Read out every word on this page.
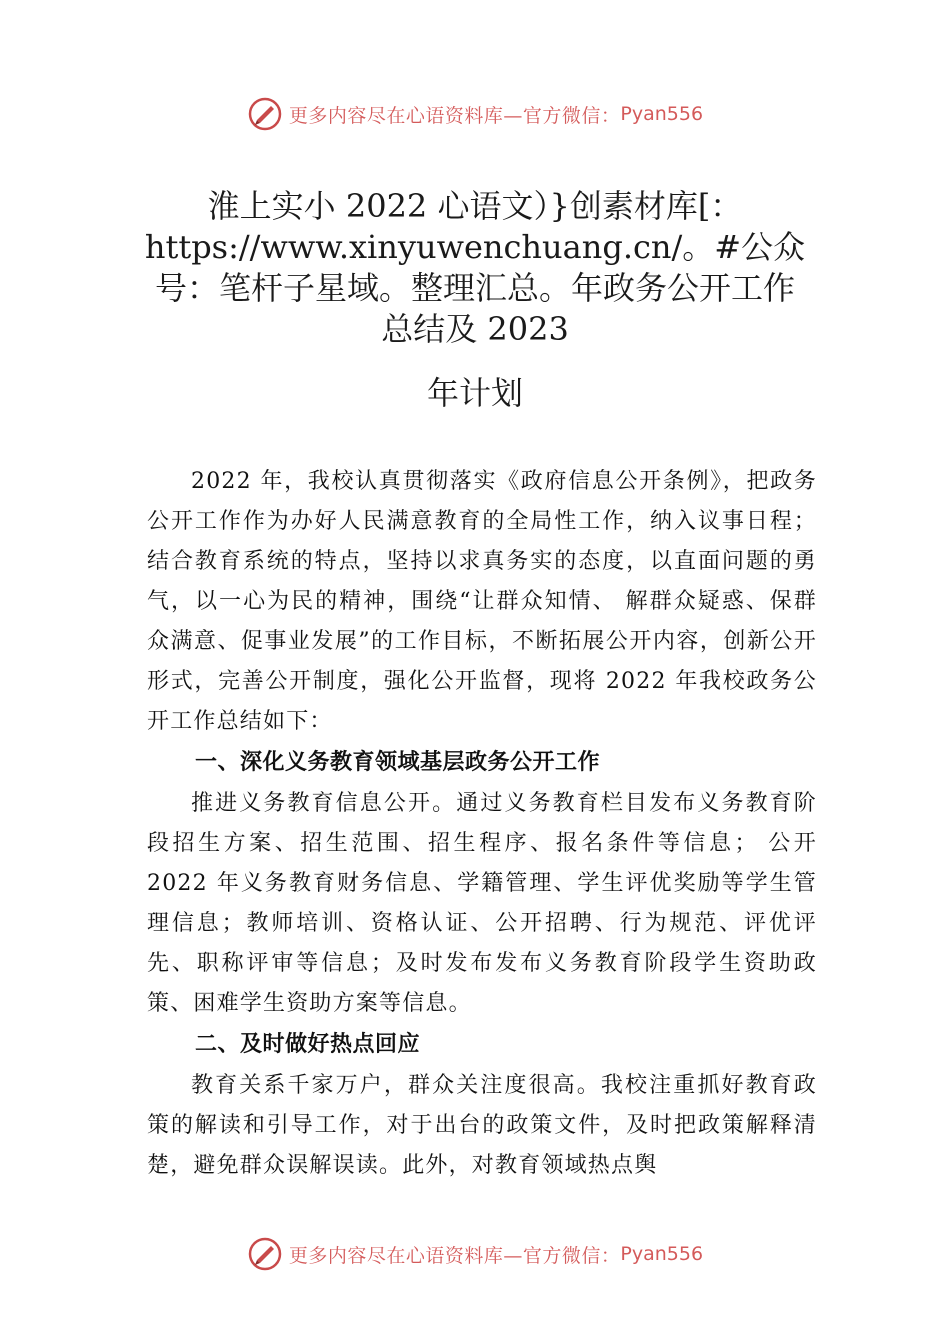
更多内容尽在心语资料库—官方微信： Pyan556
淮上实小 2022 心语文）}创素材库[：https://www.xinyuwenchuang.cn/。#公众号：笔杆子星域。整理汇总。年政务公开工作总结及 2023
年计划

2022 年，我校认真贯彻落实《政府信息公开条例》，把政务公开工作作为办好人民满意教育的全局性工作，纳入议事日程；结合教育系统的特点，坚持以求真务实的态度，以直面问题的勇气，以一心为民的精神，围绕“让群众知情、 解群众疑惑、保群众满意、促事业发展”的工作目标，不断拓展公开内容，创新公开形式，完善公开制度，强化公开监督，现将 2022 年我校政务公开工作总结如下：

一、深化义务教育领域基层政务公开工作

推进义务教育信息公开。通过义务教育栏目发布义务教育阶段招生方案、招生范围、招生程序、报名条件等信息； 公开 2022 年义务教育财务信息、学籍管理、学生评优奖励等学生管理信息；教师培训、资格认证、公开招聘、行为规范、评优评先、职称评审等信息；及时发布发布义务教育阶段学生资助政策、困难学生资助方案等信息。

二、及时做好热点回应

教育关系千家万户，群众关注度很高。我校注重抓好教育政策的解读和引导工作，对于出台的政策文件，及时把政策解释清楚，避免群众误解误读。此外，对教育领域热点舆

更多内容尽在心语资料库—官方微信： Pyan556
